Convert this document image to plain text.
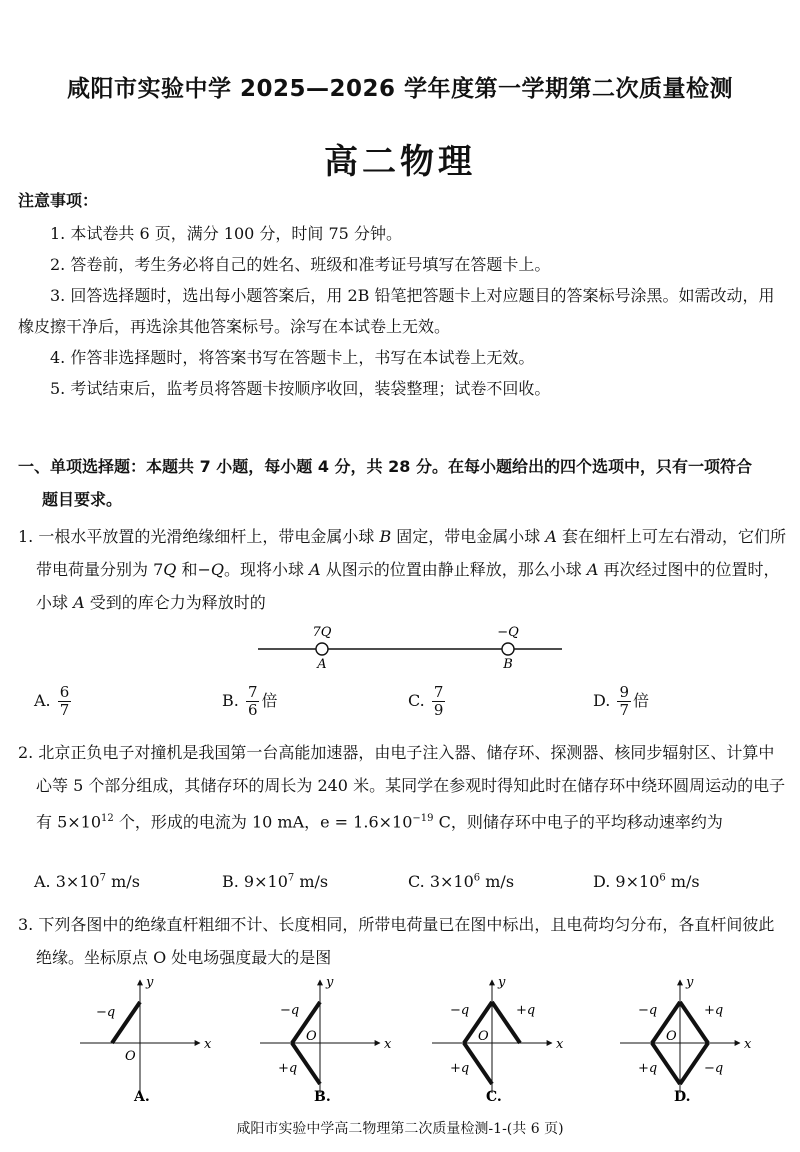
咸阳市实验中学 2025—2026 学年度第一学期第二次质量检测
高二物理
注意事项：

1. 本试卷共 6 页，满分 100 分，时间 75 分钟。

2. 答卷前，考生务必将自己的姓名、班级和准考证号填写在答题卡上。

3. 回答选择题时，选出每小题答案后，用 2B 铅笔把答题卡上对应题目的答案标号涂黑。如需改动，用橡皮擦干净后，再选涂其他答案标号。涂写在本试卷上无效。

4. 作答非选择题时，将答案书写在答题卡上，书写在本试卷上无效。

5. 考试结束后，监考员将答题卡按顺序收回，装袋整理；试卷不回收。

一、单项选择题：本题共 7 小题，每小题 4 分，共 28 分。在每小题给出的四个选项中，只有一项符合
题目要求。
1. 一根水平放置的光滑绝缘细杆上，带电金属小球 B 固定，带电金属小球 A 套在细杆上可左右滑动，它们所带电荷量分别为 7Q 和−Q。现将小球 A 从图示的位置由静止释放，那么小球 A 再次经过图中的位置时，小球 A 受到的库仑力为释放时的
7Q
A
−Q
B
A. $\frac{6}{7}$	B. $\frac{7}{6}$ 倍	C. $\frac{7}{9}$	D. $\frac{9}{7}$ 倍
2. 北京正负电子对撞机是我国第一台高能加速器，由电子注入器、储存环、探测器、核同步辐射区、计算中心等 5 个部分组成，其储存环的周长为 240 米。某同学在参观时得知此时在储存环中绕环圆周运动的电子有 $5\times 10^{12}$ 个，形成的电流为 10 mA，$e = 1.6\times 10^{-19}$ C，则储存环中电子的平均移动速率约为
A. $3\times 10^7$ m/s	B. $9\times 10^7$ m/s	C. $3\times 10^6$ m/s	D. $9\times 10^6$ m/s
3. 下列各图中的绝缘直杆粗细不计、长度相同，所带电荷量已在图中标出，且电荷均匀分布，各直杆间彼此绝缘。坐标原点 O 处电场强度最大的是图
x
y
O
−q
A.
x
y
O
−q
+q
B.
x
y
O
−q
+q
+q
C.
x
y
O
−q
+q
+q
−q
D.
咸阳市实验中学高二物理第二次质量检测-1-(共 6 页)
